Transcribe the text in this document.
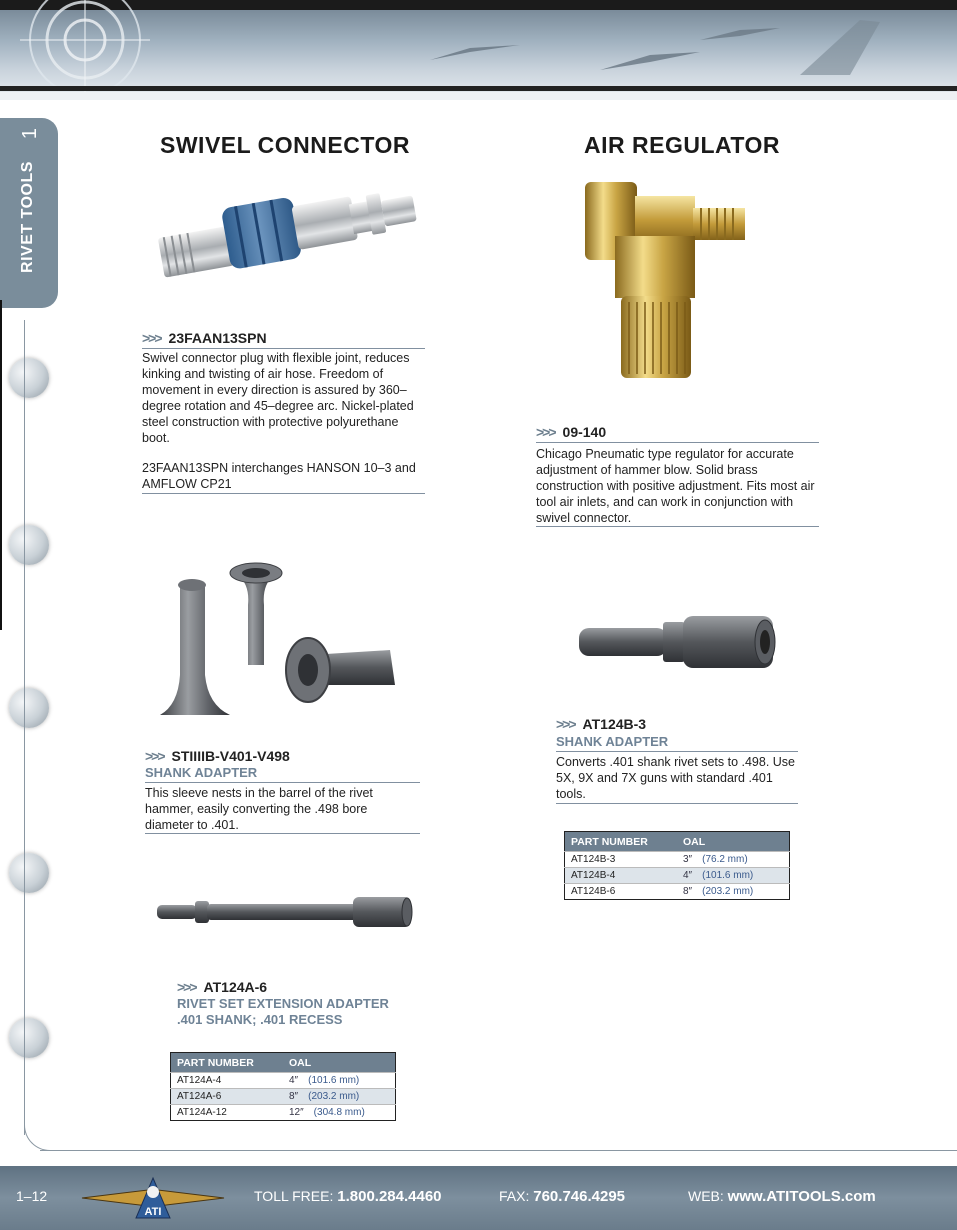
1
RIVET TOOLS
SWIVEL CONNECTOR
>>> 23FAAN13SPN
Swivel connector plug with flexible joint, reduces kinking and twisting of air hose. Freedom of movement in every direction is assured by 360–degree rotation and 45–degree arc. Nickel-plated steel construction with protective polyurethane boot.
23FAAN13SPN interchanges HANSON 10–3 and AMFLOW CP21
AIR REGULATOR
>>> 09-140
Chicago Pneumatic type regulator for accurate adjustment of hammer blow. Solid brass construction with positive adjustment. Fits most air tool air inlets, and can work in conjunction with swivel connector.
>>> STIIIIB-V401-V498
SHANK ADAPTER
This sleeve nests in the barrel of the rivet hammer, easily converting the .498 bore diameter to .401.
>>> AT124B-3
SHANK ADAPTER
Converts .401 shank rivet sets to .498. Use 5X, 9X and 7X guns with standard .401 tools.
PART NUMBER	OAL
AT124B-3	3″ (76.2 mm)
AT124B-4	4″ (101.6 mm)
AT124B-6	8″ (203.2 mm)
>>> AT124A-6
RIVET SET EXTENSION ADAPTER
.401 SHANK; .401 RECESS
PART NUMBER	OAL
AT124A-4	4″ (101.6 mm)
AT124A-6	8″ (203.2 mm)
AT124A-12	12″ (304.8 mm)
1–12
ATI
TOLL FREE: 1.800.284.4460	FAX: 760.746.4295	WEB: www.ATITOOLS.com
